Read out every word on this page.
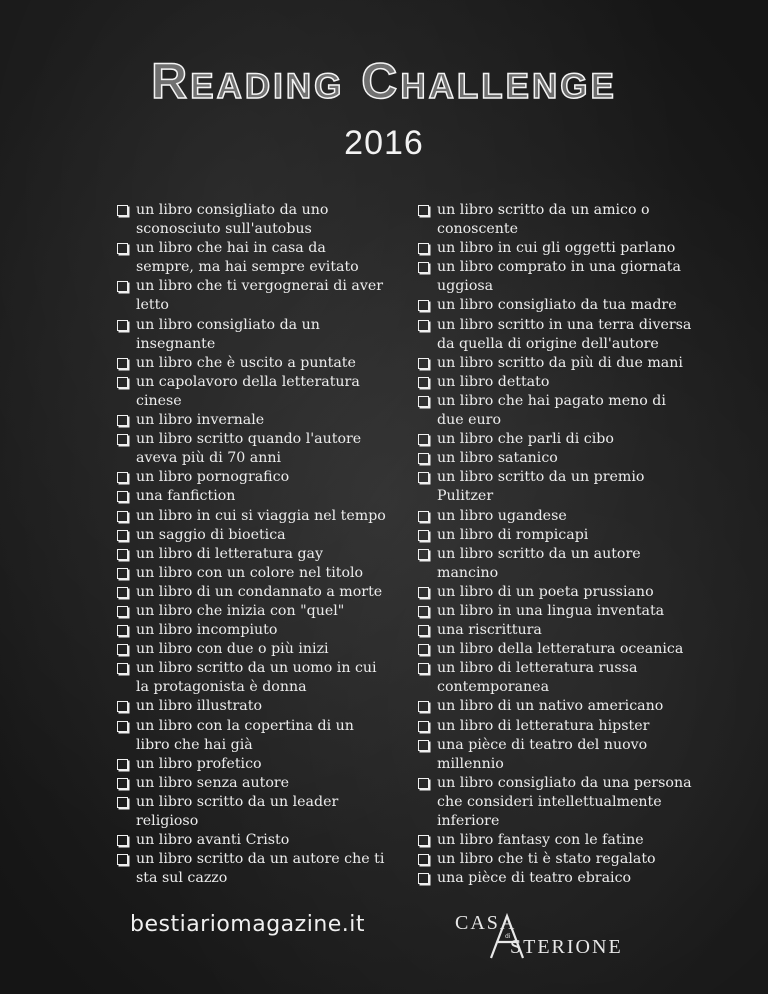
Reading Challenge
2016
un libro consigliato da uno sconosciuto sull'autobus
un libro che hai in casa da sempre, ma hai sempre evitato
un libro che ti vergognerai di aver letto
un libro consigliato da un insegnante
un libro che è uscito a puntate
un capolavoro della letteratura cinese
un libro invernale
un libro scritto quando l'autore aveva più di 70 anni
un libro pornografico
una fanfiction
un libro in cui si viaggia nel tempo
un saggio di bioetica
un libro di letteratura gay
un libro con un colore nel titolo
un libro di un condannato a morte
un libro che inizia con "quel"
un libro incompiuto
un libro con due o più inizi
un libro scritto da un uomo in cui la protagonista è donna
un libro illustrato
un libro con la copertina di un libro che hai già
un libro profetico
un libro senza autore
un libro scritto da un leader religioso
un libro avanti Cristo
un libro scritto da un autore che ti sta sul cazzo
un libro scritto da un amico o conoscente
un libro in cui gli oggetti parlano
un libro comprato in una giornata uggiosa
un libro consigliato da tua madre
un libro scritto in una terra diversa da quella di origine dell'autore
un libro scritto da più di due mani
un libro dettato
un libro che hai pagato meno di due euro
un libro che parli di cibo
un libro satanico
un libro scritto da un premio Pulitzer
un libro ugandese
un libro di rompicapi
un libro scritto da un autore mancino
un libro di un poeta prussiano
un libro in una lingua inventata
una riscrittura
un libro della letteratura oceanica
un libro di letteratura russa contemporanea
un libro di un nativo americano
un libro di letteratura hipster
una pièce di teatro del nuovo millennio
un libro consigliato da una persona che consideri intellettualmente inferiore
un libro fantasy con le fatine
un libro che ti è stato regalato
una pièce di teatro ebraico
bestiariomagazine.it	CASA
di STERIONE
